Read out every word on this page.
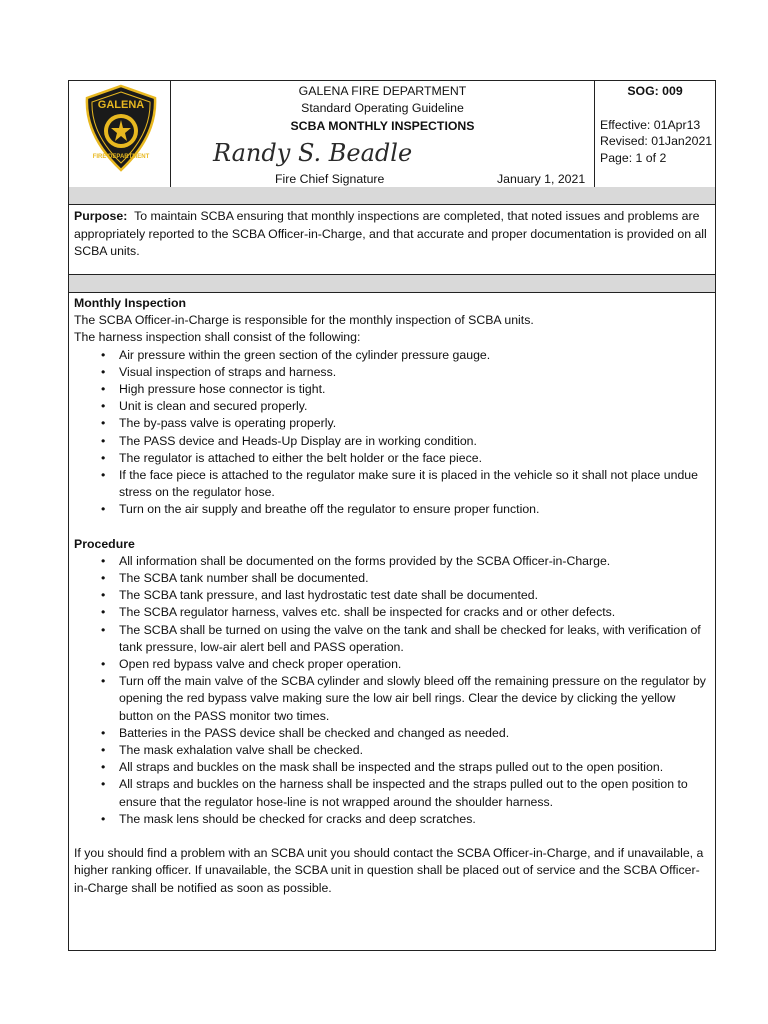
GALENA
FIRE DEPARTMENT
GALENA FIRE DEPARTMENT
Standard Operating Guideline
SCBA MONTHLY INSPECTIONS
Randy S. Beadle
Fire Chief Signature	January 1, 2021
SOG: 009
Effective: 01Apr13
Revised: 01Jan2021
Page: 1 of 2
Purpose: To maintain SCBA ensuring that monthly inspections are completed, that noted issues and problems are appropriately reported to the SCBA Officer-in-Charge, and that accurate and proper documentation is provided on all SCBA units.

Monthly Inspection

The SCBA Officer-in-Charge is responsible for the monthly inspection of SCBA units.

The harness inspection shall consist of the following:

• Air pressure within the green section of the cylinder pressure gauge.
• Visual inspection of straps and harness.
• High pressure hose connector is tight.
• Unit is clean and secured properly.
• The by-pass valve is operating properly.
• The PASS device and Heads-Up Display are in working condition.
• The regulator is attached to either the belt holder or the face piece.
• If the face piece is attached to the regulator make sure it is placed in the vehicle so it shall not place undue stress on the regulator hose.
• Turn on the air supply and breathe off the regulator to ensure proper function.

Procedure

• All information shall be documented on the forms provided by the SCBA Officer-in-Charge.
• The SCBA tank number shall be documented.
• The SCBA tank pressure, and last hydrostatic test date shall be documented.
• The SCBA regulator harness, valves etc. shall be inspected for cracks and or other defects.
• The SCBA shall be turned on using the valve on the tank and shall be checked for leaks, with verification of tank pressure, low-air alert bell and PASS operation.
• Open red bypass valve and check proper operation.
• Turn off the main valve of the SCBA cylinder and slowly bleed off the remaining pressure on the regulator by opening the red bypass valve making sure the low air bell rings. Clear the device by clicking the yellow button on the PASS monitor two times.
• Batteries in the PASS device shall be checked and changed as needed.
• The mask exhalation valve shall be checked.
• All straps and buckles on the mask shall be inspected and the straps pulled out to the open position.
• All straps and buckles on the harness shall be inspected and the straps pulled out to the open position to ensure that the regulator hose-line is not wrapped around the shoulder harness.
• The mask lens should be checked for cracks and deep scratches.

If you should find a problem with an SCBA unit you should contact the SCBA Officer-in-Charge, and if unavailable, a higher ranking officer. If unavailable, the SCBA unit in question shall be placed out of service and the SCBA Officer-in-Charge shall be notified as soon as possible.
